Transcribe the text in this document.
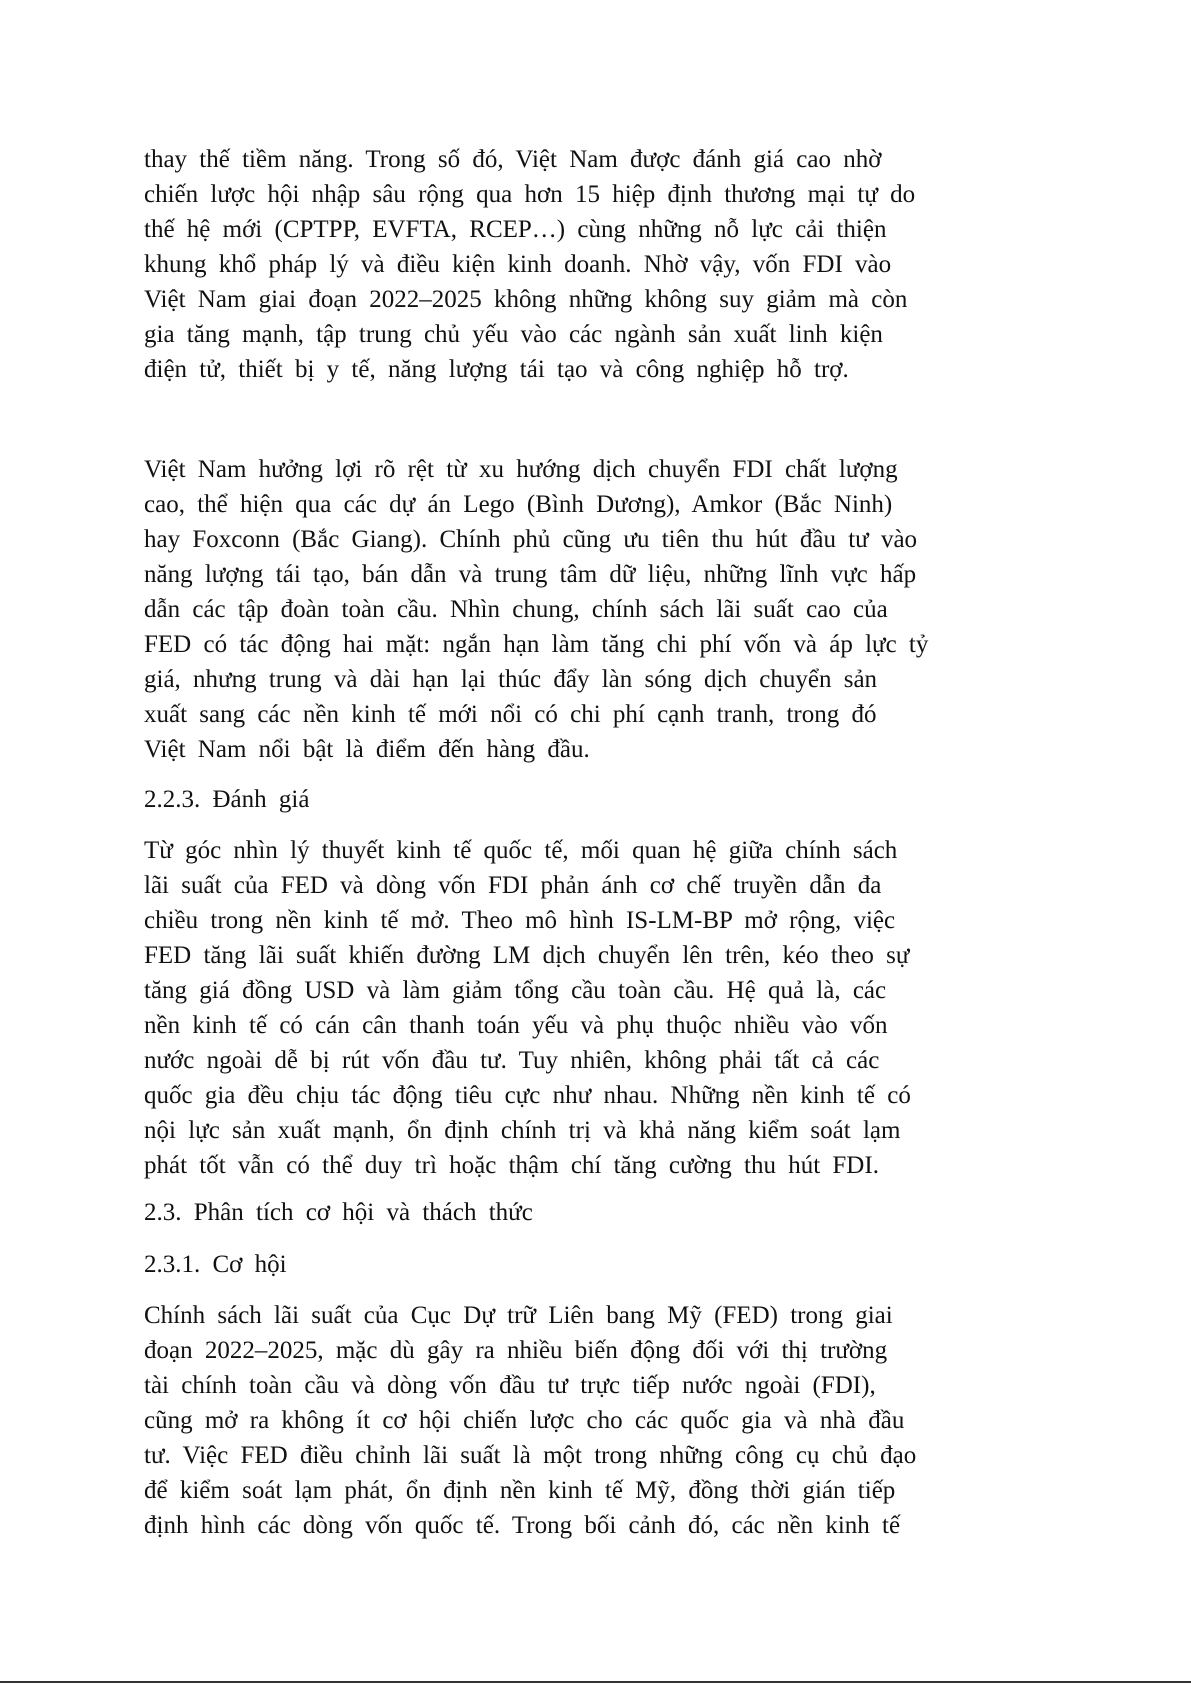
thay thế tiềm năng. Trong số đó, Việt Nam được đánh giá cao nhờ
chiến lược hội nhập sâu rộng qua hơn 15 hiệp định thương mại tự do
thế hệ mới (CPTPP, EVFTA, RCEP…) cùng những nỗ lực cải thiện
khung khổ pháp lý và điều kiện kinh doanh. Nhờ vậy, vốn FDI vào
Việt Nam giai đoạn 2022–2025 không những không suy giảm mà còn
gia tăng mạnh, tập trung chủ yếu vào các ngành sản xuất linh kiện
điện tử, thiết bị y tế, năng lượng tái tạo và công nghiệp hỗ trợ.
Việt Nam hưởng lợi rõ rệt từ xu hướng dịch chuyển FDI chất lượng
cao, thể hiện qua các dự án Lego (Bình Dương), Amkor (Bắc Ninh)
hay Foxconn (Bắc Giang). Chính phủ cũng ưu tiên thu hút đầu tư vào
năng lượng tái tạo, bán dẫn và trung tâm dữ liệu, những lĩnh vực hấp
dẫn các tập đoàn toàn cầu. Nhìn chung, chính sách lãi suất cao của
FED có tác động hai mặt: ngắn hạn làm tăng chi phí vốn và áp lực tỷ
giá, nhưng trung và dài hạn lại thúc đẩy làn sóng dịch chuyển sản
xuất sang các nền kinh tế mới nổi có chi phí cạnh tranh, trong đó
Việt Nam nổi bật là điểm đến hàng đầu.
2.2.3. Đánh giá
Từ góc nhìn lý thuyết kinh tế quốc tế, mối quan hệ giữa chính sách
lãi suất của FED và dòng vốn FDI phản ánh cơ chế truyền dẫn đa
chiều trong nền kinh tế mở. Theo mô hình IS-LM-BP mở rộng, việc
FED tăng lãi suất khiến đường LM dịch chuyển lên trên, kéo theo sự
tăng giá đồng USD và làm giảm tổng cầu toàn cầu. Hệ quả là, các
nền kinh tế có cán cân thanh toán yếu và phụ thuộc nhiều vào vốn
nước ngoài dễ bị rút vốn đầu tư. Tuy nhiên, không phải tất cả các
quốc gia đều chịu tác động tiêu cực như nhau. Những nền kinh tế có
nội lực sản xuất mạnh, ổn định chính trị và khả năng kiểm soát lạm
phát tốt vẫn có thể duy trì hoặc thậm chí tăng cường thu hút FDI.
2.3. Phân tích cơ hội và thách thức
2.3.1. Cơ hội
Chính sách lãi suất của Cục Dự trữ Liên bang Mỹ (FED) trong giai
đoạn 2022–2025, mặc dù gây ra nhiều biến động đối với thị trường
tài chính toàn cầu và dòng vốn đầu tư trực tiếp nước ngoài (FDI),
cũng mở ra không ít cơ hội chiến lược cho các quốc gia và nhà đầu
tư. Việc FED điều chỉnh lãi suất là một trong những công cụ chủ đạo
để kiểm soát lạm phát, ổn định nền kinh tế Mỹ, đồng thời gián tiếp
định hình các dòng vốn quốc tế. Trong bối cảnh đó, các nền kinh tế
